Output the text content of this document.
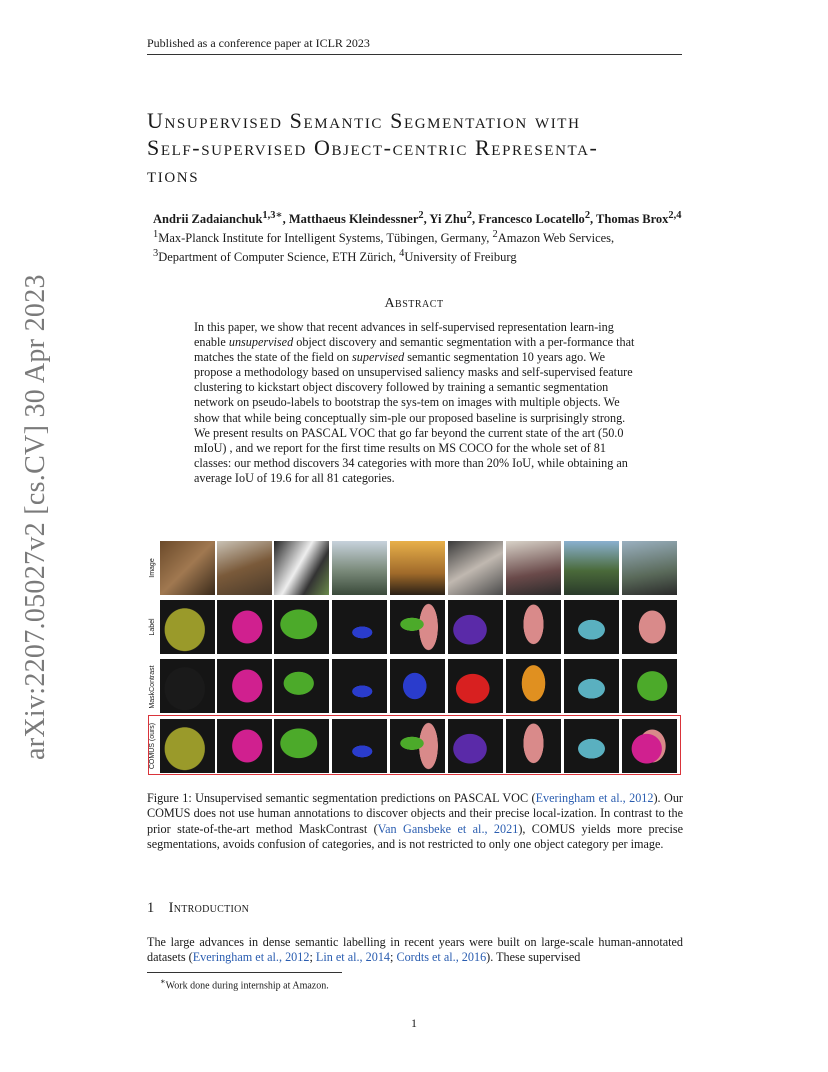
Published as a conference paper at ICLR 2023
arXiv:2207.05027v2 [cs.CV] 30 Apr 2023
Unsupervised Semantic Segmentation with
Self-supervised Object-centric Representa-
tions
Andrii Zadaianchuk$^{1,3∗}$, Matthaeus Kleindessner$^2$, Yi Zhu$^2$, Francesco Locatello$^2$, Thomas Brox$^{2,4}$
$^1$Max-Planck Institute for Intelligent Systems, Tübingen, Germany, $^2$Amazon Web Services,
$^3$Department of Computer Science, ETH Zürich, $^4$University of Freiburg
Abstract
In this paper, we show that recent advances in self-supervised representation learn-ing enable unsupervised object discovery and semantic segmentation with a per-formance that matches the state of the field on supervised semantic segmentation 10 years ago. We propose a methodology based on unsupervised saliency masks and self-supervised feature clustering to kickstart object discovery followed by training a semantic segmentation network on pseudo-labels to bootstrap the sys-tem on images with multiple objects. We show that while being conceptually sim-ple our proposed baseline is surprisingly strong. We present results on PASCAL VOC that go far beyond the current state of the art (50.0 mIoU) , and we report for the first time results on MS COCO for the whole set of 81 classes: our method discovers 34 categories with more than 20% IoU, while obtaining an average IoU of 19.6 for all 81 categories.
Image
Label
MaskContrast
COMUS (ours)
Figure 1: Unsupervised semantic segmentation predictions on PASCAL VOC (Everingham et al., 2012). Our COMUS does not use human annotations to discover objects and their precise local-ization. In contrast to the prior state-of-the-art method MaskContrast (Van Gansbeke et al., 2021), COMUS yields more precise segmentations, avoids confusion of categories, and is not restricted to only one object category per image.
1 Introduction
The large advances in dense semantic labelling in recent years were built on large-scale human-annotated datasets (Everingham et al., 2012; Lin et al., 2014; Cordts et al., 2016). These supervised
∗Work done during internship at Amazon.
1
